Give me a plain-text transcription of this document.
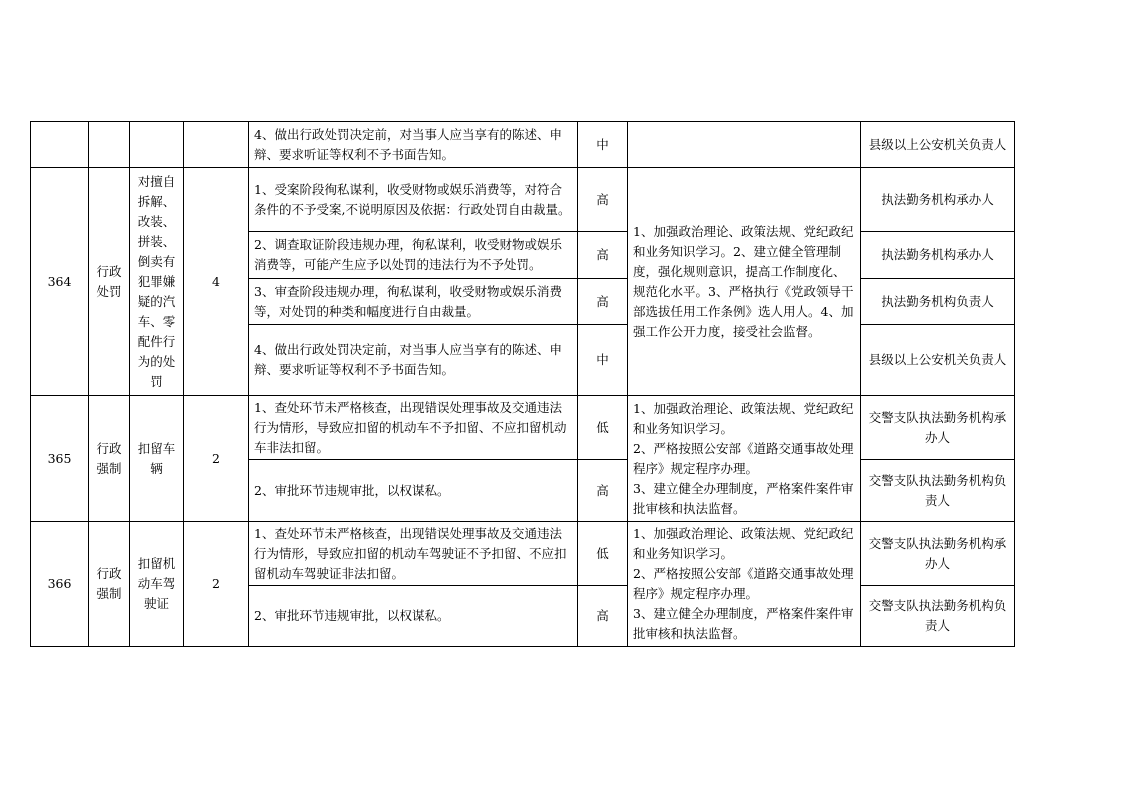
				4、做出行政处罚决定前，对当事人应当享有的陈述、申辩、要求听证等权利不予书面告知。	中		县级以上公安机关负责人
364	行政处罚	对擅自拆解、改装、拼装、倒卖有犯罪嫌疑的汽车、零配件行为的处罚	4	1、受案阶段徇私谋利，收受财物或娱乐消费等，对符合条件的不予受案,不说明原因及依据：行政处罚自由裁量。	高	1、加强政治理论、政策法规、党纪政纪和业务知识学习。2、建立健全管理制度，强化规则意识，提高工作制度化、规范化水平。3、严格执行《党政领导干部选拔任用工作条例》选人用人。4、加强工作公开力度，接受社会监督。	执法勤务机构承办人
				2、调查取证阶段违规办理，徇私谋利，收受财物或娱乐消费等，可能产生应予以处罚的违法行为不予处罚。	高		执法勤务机构承办人
				3、审查阶段违规办理，徇私谋利，收受财物或娱乐消费等，对处罚的种类和幅度进行自由裁量。	高		执法勤务机构负责人
				4、做出行政处罚决定前，对当事人应当享有的陈述、申辩、要求听证等权利不予书面告知。	中		县级以上公安机关负责人
365	行政强制	扣留车辆	2	1、查处环节未严格核查，出现错误处理事故及交通违法行为情形，导致应扣留的机动车不予扣留、不应扣留机动车非法扣留。	低	1、加强政治理论、政策法规、党纪政纪和业务知识学习。
2、严格按照公安部《道路交通事故处理程序》规定程序办理。
3、建立健全办理制度，严格案件案件审批审核和执法监督。	交警支队执法勤务机构承办人
				2、审批环节违规审批，以权谋私。	高		交警支队执法勤务机构负责人
366	行政强制	扣留机动车驾驶证	2	1、查处环节未严格核查，出现错误处理事故及交通违法行为情形，导致应扣留的机动车驾驶证不予扣留、不应扣留机动车驾驶证非法扣留。	低	1、加强政治理论、政策法规、党纪政纪和业务知识学习。
2、严格按照公安部《道路交通事故处理程序》规定程序办理。
3、建立健全办理制度，严格案件案件审批审核和执法监督。	交警支队执法勤务机构承办人
				2、审批环节违规审批，以权谋私。	高		交警支队执法勤务机构负责人
